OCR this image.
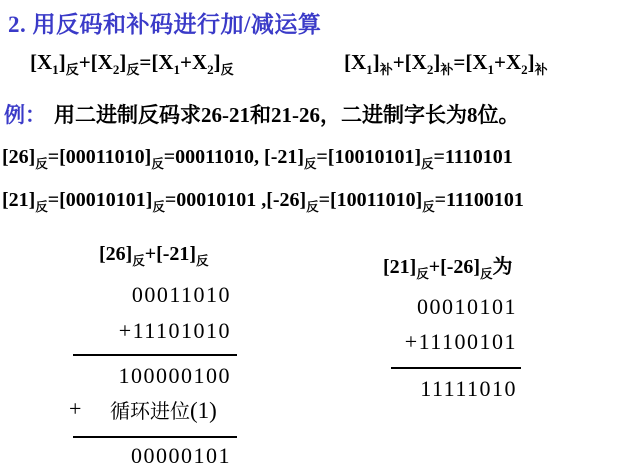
2. 用反码和补码进行加/减运算
$[X_1]_反+[X_2]_反=[X_1+X_2]_反$	$[X_1]_补+[X_2]_补=[X_1+X_2]_补$
例： 用二进制反码求26-21和21-26，二进制字长为8位。
$[26]_反=[00011010]_反=00011010$, $[-21]_反=[10010101]_反=1110101$
$[21]_反=[00010101]_反=00010101$ $,[-26]_反=[10011010]_反=11100101$
$[26]_反+[-21]_反$
00011010
+11101010
100000100
+ 循环进位(1)
00000101
$[21]_反+[-26]_反$为
00010101
+11100101
11111010
